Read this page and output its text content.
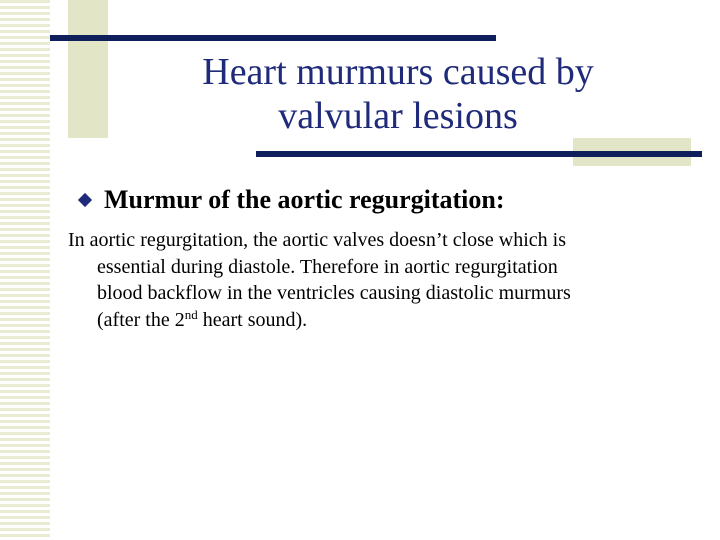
Heart murmurs caused by
valvular lesions
Murmur of the aortic regurgitation:

In aortic regurgitation, the aortic valves doesn’t close which is
essential during diastole. Therefore in aortic regurgitation
blood backflow in the ventricles causing diastolic murmurs
(after the 2nd heart sound).
